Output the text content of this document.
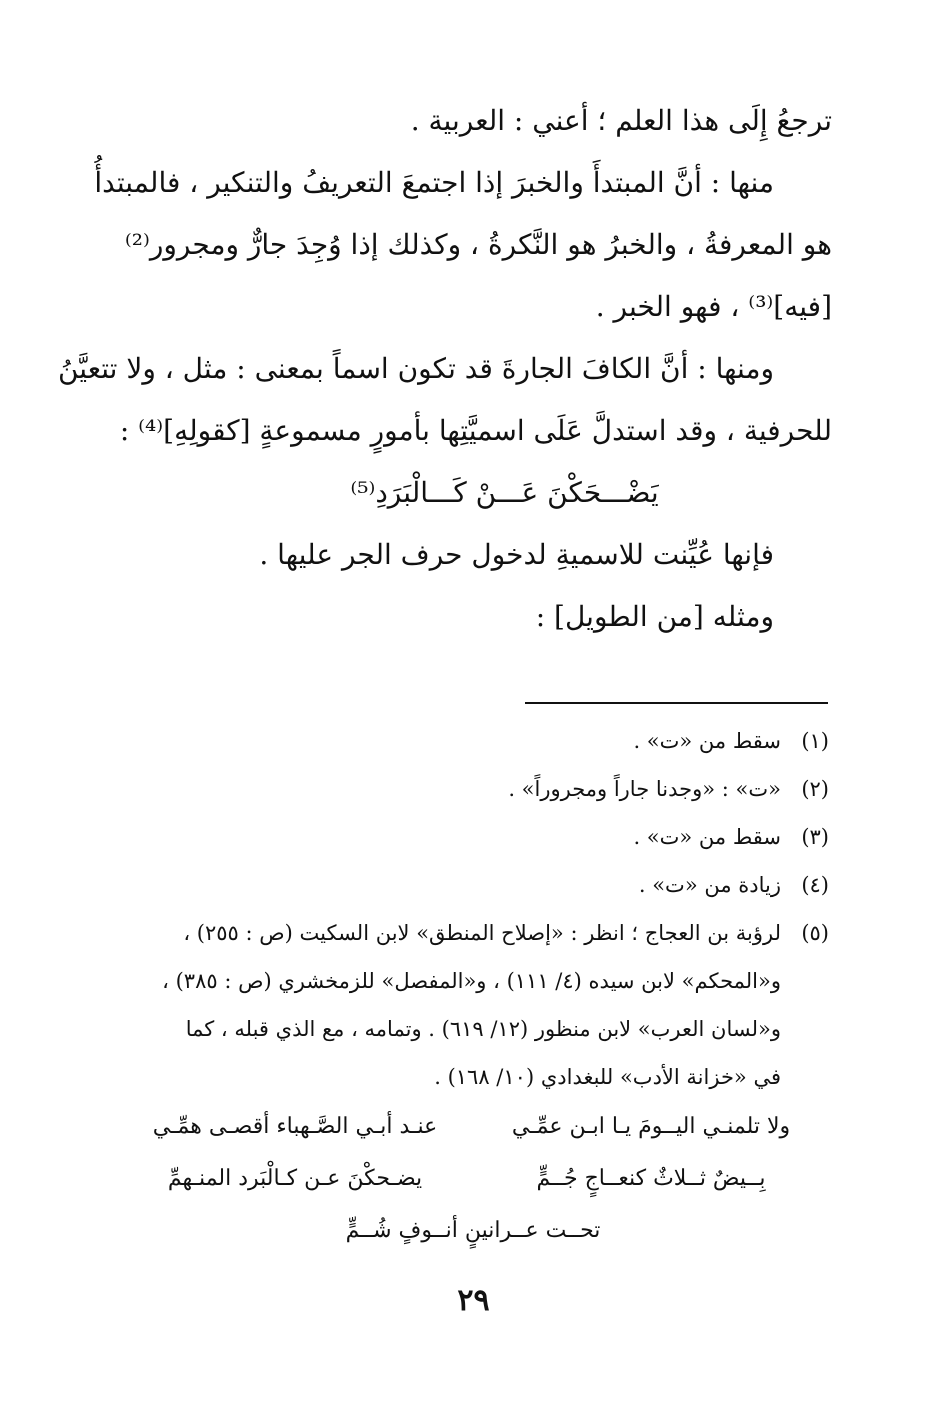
ترجعُ إِلَى هذا العلم ؛ أعني : العربية .
منها : أنَّ المبتدأَ والخبرَ إذا اجتمعَ التعريفُ والتنكير ، فالمبتدأُ
هو المعرفةُ ، والخبرُ هو النَّكرةُ ، وكذلك إذا وُجِدَ جارٌّ ومجرور⁽²⁾
[فيه]⁽³⁾ ، فهو الخبر .
ومنها : أنَّ الكافَ الجارةَ قد تكون اسماً بمعنى : مثل ، ولا تتعيَّنُ
للحرفية ، وقد استدلَّ عَلَى اسميَّتِها بأمورٍ مسموعةٍ [كقولِهِ]⁽⁴⁾ :
يَضْـــحَكْنَ عَـــنْ كَـــالْبَرَدِ⁽⁵⁾
فإنها عُيِّنت للاسميةِ لدخول حرف الجر عليها .
ومثله [من الطويل] :
(١)سقط من «ت» .
(٢)«ت» : «وجدنا جاراً ومجروراً» .
(٣)سقط من «ت» .
(٤)زيادة من «ت» .
(٥)لرؤبة بن العجاج ؛ انظر : «إصلاح المنطق» لابن السكيت (ص : ٢٥٥) ،
و«المحكم» لابن سيده (٤/ ١١١) ، و«المفصل» للزمخشري (ص : ٣٨٥) ،
و«لسان العرب» لابن منظور (١٢/ ٦١٩) . وتمامه ، مع الذي قبله ، كما
في «خزانة الأدب» للبغدادي (١٠/ ١٦٨) .
ولا تلمنـي اليــومَ يـا ابـن عمِّـي
عنـد أبـي الصَّـهباء أقصـى همِّـي
بِــيضٌ ثــلاثٌ كنعــاجٍ جُــمٍّ
يضـحكْنَ عـن كـالْبَرد المنـهمِّ
تحــت عــرانينٍ أنــوفٍ شُــمٍّ
٢٩
